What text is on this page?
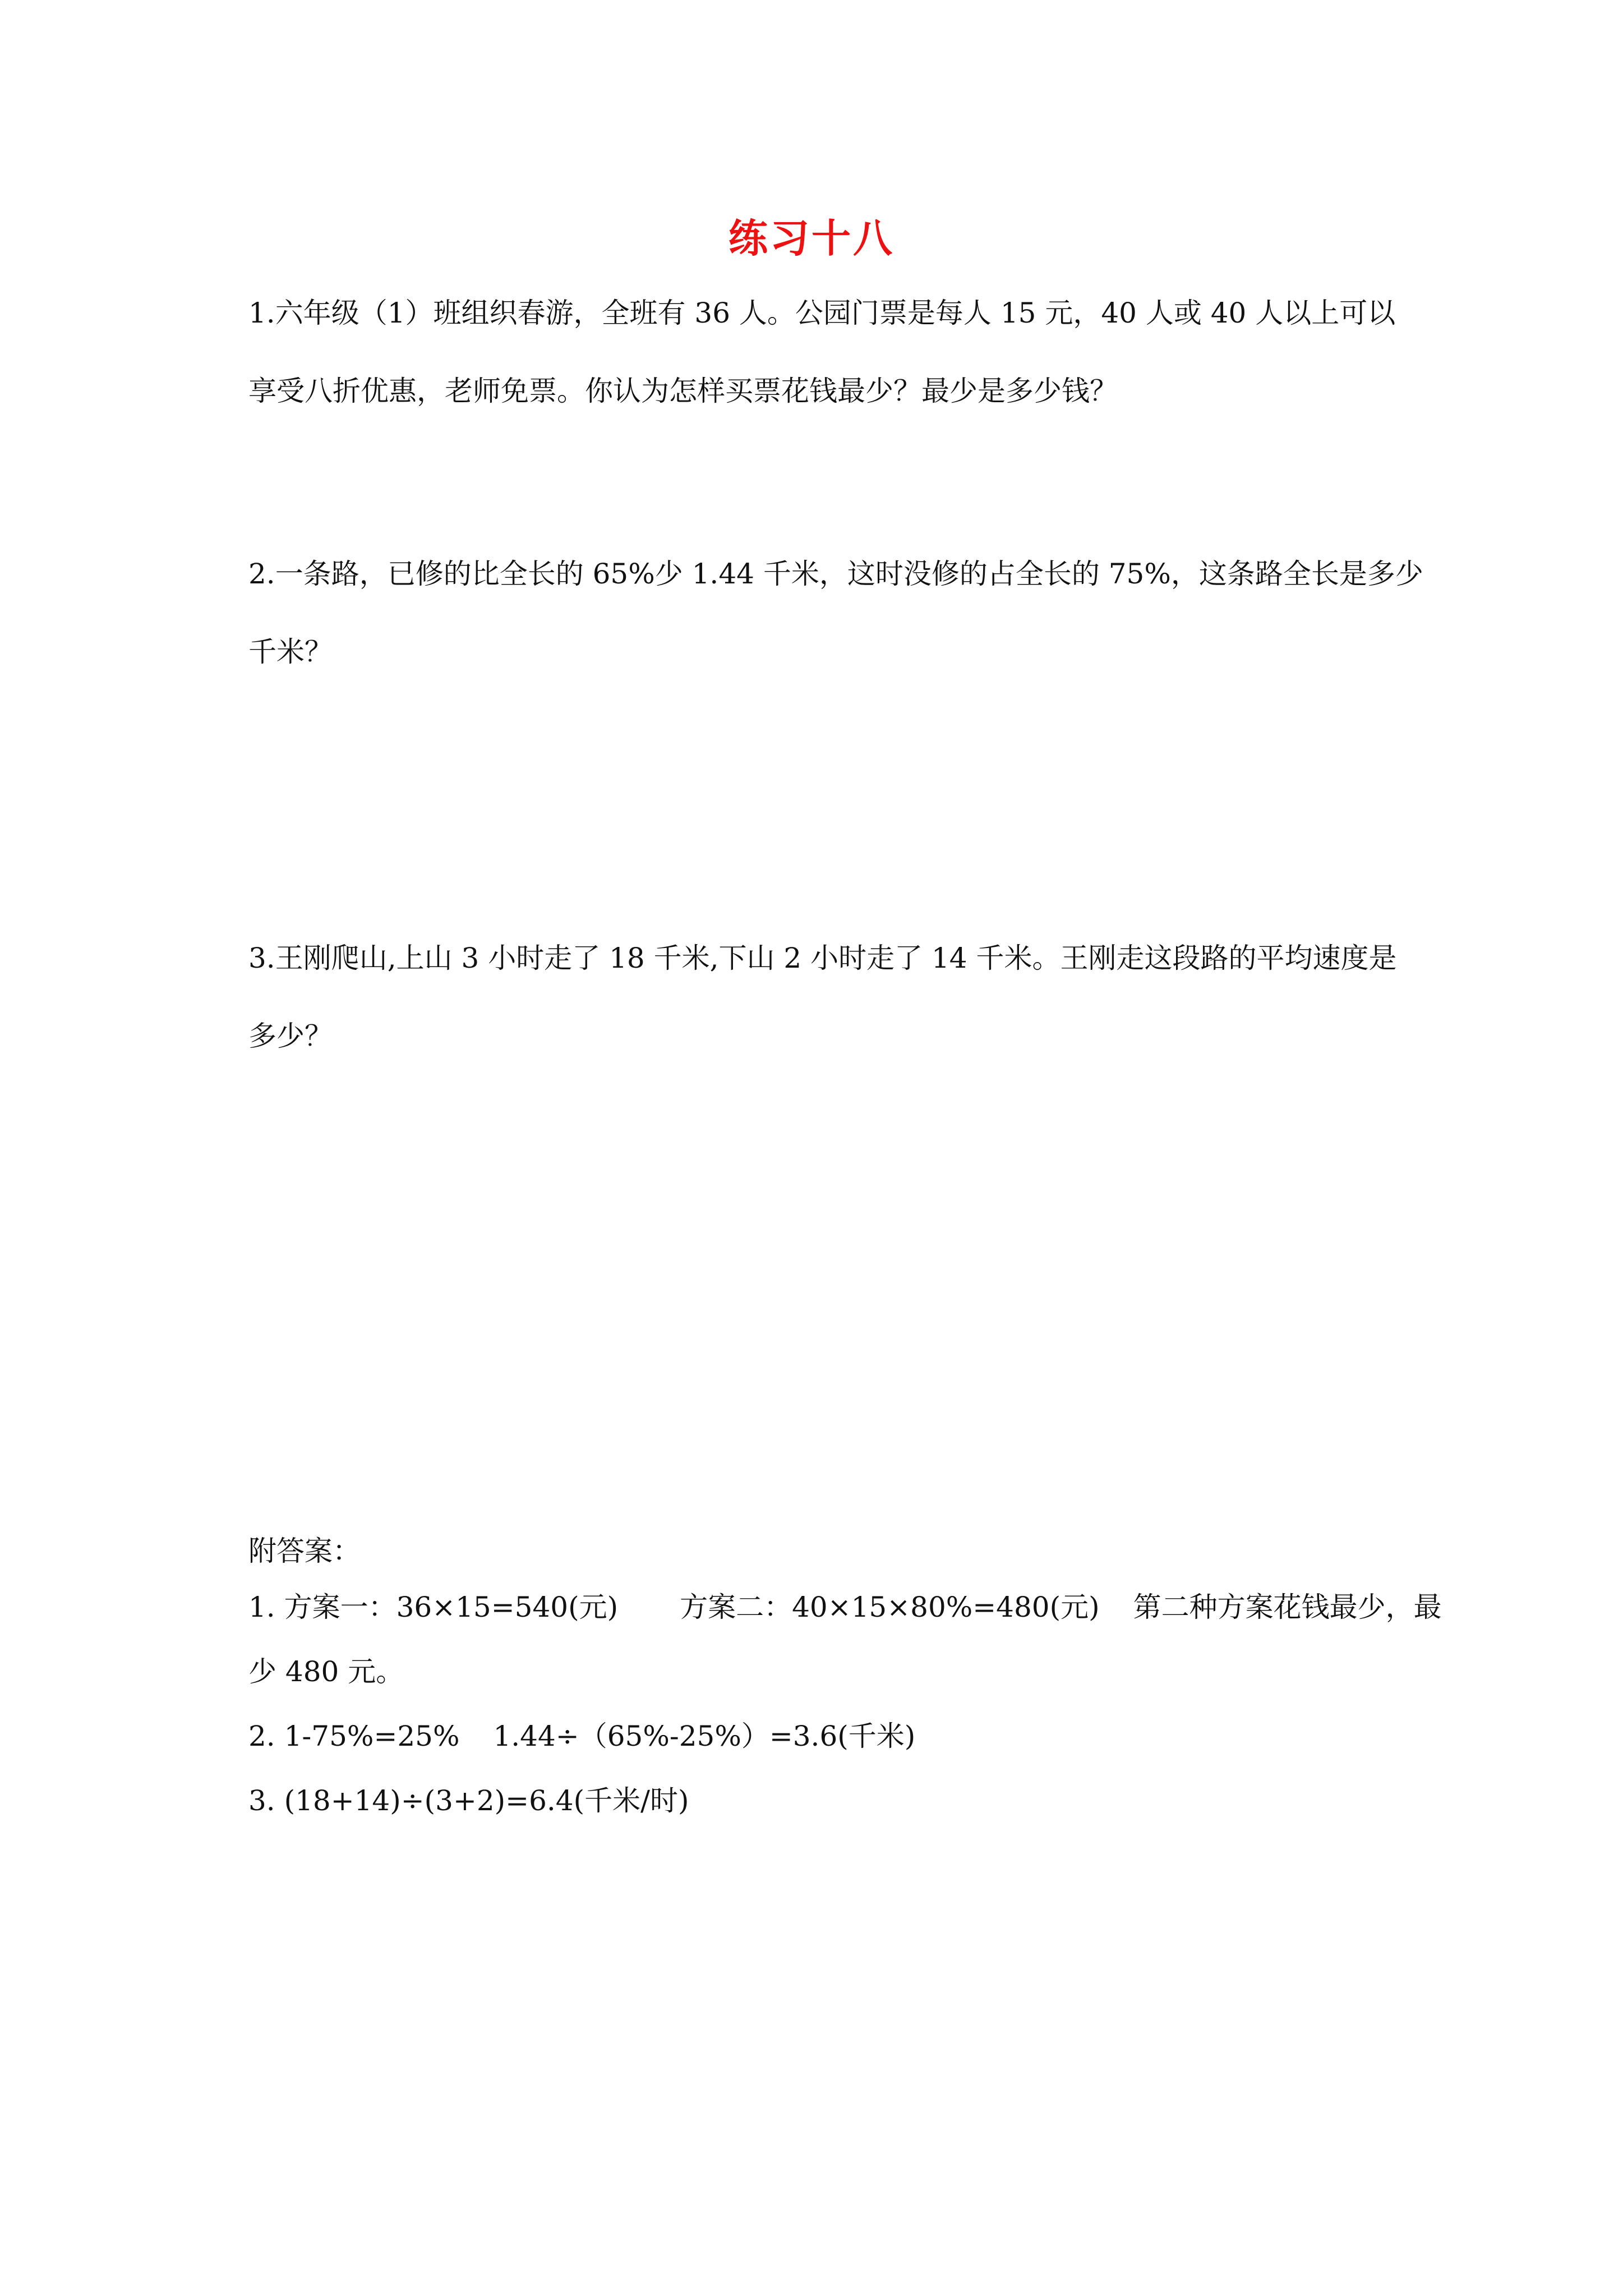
练习十八
1.六年级（1）班组织春游，全班有 36 人。公园门票是每人 15 元，40 人或 40 人以上可以
享受八折优惠，老师免票。你认为怎样买票花钱最少？最少是多少钱？
2.一条路，已修的比全长的 65%少 1.44 千米，这时没修的占全长的 75%，这条路全长是多少
千米？
3.王刚爬山,上山 3 小时走了 18 千米,下山 2 小时走了 14 千米。王刚走这段路的平均速度是
多少？
附答案：
1. 方案一：36×15=540(元) 方案二：40×15×80%=480(元) 第二种方案花钱最少，最
少 480 元。
2. 1-75%=25% 1.44÷（65%-25%）=3.6(千米)
3. (18+14)÷(3+2)=6.4(千米/时)
